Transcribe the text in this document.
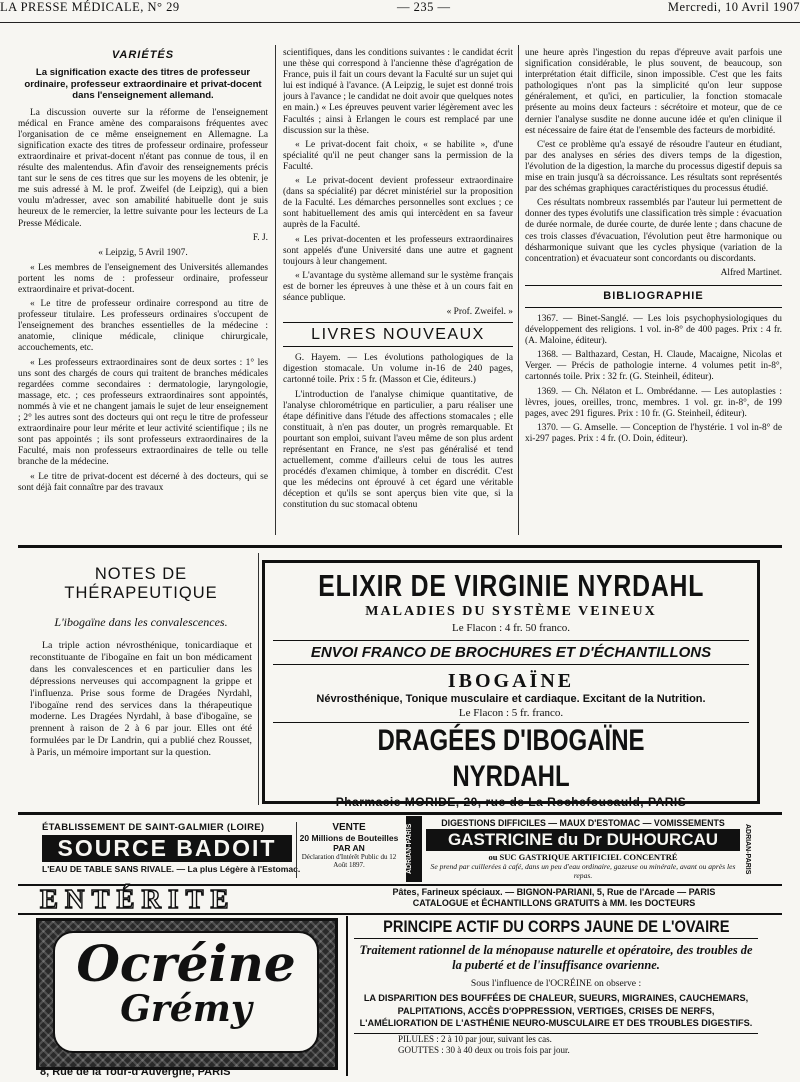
LA PRESSE MÉDICALE, N° 29	— 235 —	Mercredi, 10 Avril 1907
VARIÉTÉS
La signification exacte des titres de professeur ordinaire, professeur extraordinaire et privat-docent dans l'enseignement allemand.

La discussion ouverte sur la réforme de l'enseignement médical en France amène des comparaisons fréquentes avec l'organisation de ce même enseignement en Allemagne. La signification exacte des titres de professeur ordinaire, professeur extraordinaire et privat-docent n'étant pas connue de tous, il en résulte des malentendus. Afin d'avoir des renseignements précis tant sur le sens de ces titres que sur les moyens de les obtenir, je me suis adressé à M. le prof. Zweifel (de Leipzig), qui a bien voulu m'adresser, avec son amabilité habituelle dont je suis heureux de le remercier, la lettre suivante pour les lecteurs de La Presse Médicale.

F. J.
« Leipzig, 5 Avril 1907.

« Les membres de l'enseignement des Universités allemandes portent les noms de : professeur ordinaire, professeur extraordinaire et privat-docent.

« Le titre de professeur ordinaire correspond au titre de professeur titulaire. Les professeurs ordinaires s'occupent de l'enseignement des branches essentielles de la médecine : anatomie, clinique médicale, clinique chirurgicale, accouchements, etc.

« Les professeurs extraordinaires sont de deux sortes : 1° les uns sont des chargés de cours qui traitent de branches médicales regardées comme secondaires : dermatologie, laryngologie, massage, etc. ; ces professeurs extraordinaires sont appointés, nommés à vie et ne changent jamais le sujet de leur enseignement ; 2° les autres sont des docteurs qui ont reçu le titre de professeur extraordinaire pour leur mérite et leur activité scientifique ; ils ne sont pas appointés ; ils sont professeurs extraordinaires de la Faculté, mais non professeurs extraordinaires de telle ou telle branche de la médecine.

« Le titre de privat-docent est décerné à des docteurs, qui se sont déjà fait connaître par des travaux

scientifiques, dans les conditions suivantes : le candidat écrit une thèse qui correspond à l'ancienne thèse d'agrégation de France, puis il fait un cours devant la Faculté sur un sujet qui lui est indiqué à l'avance. (A Leipzig, le sujet est donné trois jours à l'avance ; le candidat ne doit avoir que quelques notes en main.) « Les épreuves peuvent varier légèrement avec les Facultés ; ainsi à Erlangen le cours est remplacé par une discussion sur la thèse.

« Le privat-docent fait choix, « se habilite », d'une spécialité qu'il ne peut changer sans la permission de la Faculté.

« Le privat-docent devient professeur extraordinaire (dans sa spécialité) par décret ministériel sur la proposition de la Faculté. Les démarches personnelles sont exclues ; ce sont habituellement des amis qui intercèdent en sa faveur auprès de la Faculté.

« Les privat-docenten et les professeurs extraordinaires sont appelés d'une Université dans une autre et gagnent toujours à leur changement.

« L'avantage du système allemand sur le système français est de borner les épreuves à une thèse et à un cours fait en séance publique.

« Prof. Zweifel. »
LIVRES NOUVEAUX

G. Hayem. — Les évolutions pathologiques de la digestion stomacale. Un volume in-16 de 240 pages, cartonné toile. Prix : 5 fr. (Masson et Cie, éditeurs.)

L'introduction de l'analyse chimique quantitative, de l'analyse chlorométrique en particulier, a paru réaliser une étape définitive dans l'étude des affections stomacales ; elle constituait, à n'en pas douter, un progrès remarquable. Et pourtant son emploi, suivant l'aveu même de son plus ardent représentant en France, ne s'est pas généralisé et tend actuellement, comme d'ailleurs celui de tous les autres procédés d'examen chimique, à tomber en discrédit. C'est que les médecins ont éprouvé à cet égard une véritable déception et qu'ils se sont aperçus bien vite que, si la constitution du suc stomacal obtenu

une heure après l'ingestion du repas d'épreuve avait parfois une signification considérable, le plus souvent, de beaucoup, son interprétation était difficile, sinon impossible. C'est que les faits pathologiques n'ont pas la simplicité qu'on leur suppose généralement, et qu'ici, en particulier, la fonction stomacale présente au moins deux facteurs : sécrétoire et moteur, que de ce dernier l'analyse susdite ne donne aucune idée et qu'en clinique il est nécessaire de faire état de l'ensemble des facteurs de morbidité.

C'est ce problème qu'a essayé de résoudre l'auteur en étudiant, par des analyses en séries des divers temps de la digestion, l'évolution de la digestion, la marche du processus digestif depuis sa mise en train jusqu'à sa décroissance. Les résultats sont représentés par des schémas graphiques caractéristiques du processus étudié.

Ces résultats nombreux rassemblés par l'auteur lui permettent de donner des types évolutifs une classification très simple : évacuation de durée normale, de durée courte, de durée lente ; dans chacune de ces trois classes d'évacuation, l'évolution peut être harmonique ou désharmonique suivant que les cycles physique (variation de la concentration) et évacuateur sont concordants ou discordants.

Alfred Martinet.
BIBLIOGRAPHIE

1367. — Binet-Sanglé. — Les lois psychophysiologiques du développement des religions. 1 vol. in-8° de 400 pages. Prix : 4 fr. (A. Maloine, éditeur).

1368. — Balthazard, Cestan, H. Claude, Macaigne, Nicolas et Verger. — Précis de pathologie interne. 4 volumes petit in-8°, cartonnés toile. Prix : 32 fr. (G. Steinheil, éditeur).

1369. — Ch. Nélaton et L. Ombrédanne. — Les autoplasties : lèvres, joues, oreilles, tronc, membres. 1 vol. gr. in-8°, de 199 pages, avec 291 figures. Prix : 10 fr. (G. Steinheil, éditeur).

1370. — G. Amselle. — Conception de l'hystérie. 1 vol in-8° de xi-297 pages. Prix : 4 fr. (O. Doin, éditeur).

NOTES DE THÉRAPEUTIQUE
L'ibogaïne dans les convalescences.

La triple action névrosthénique, tonicardiaque et reconstituante de l'ibogaïne en fait un bon médicament dans les convalescences et en particulier dans les dépressions nerveuses qui accompagnent la grippe et l'influenza. Prise sous forme de Dragées Nyrdahl, l'ibogaïne rend des services dans la thérapeutique moderne. Les Dragées Nyrdahl, à base d'ibogaïne, se prennent à raison de 2 à 6 par jour. Elles ont été formulées par le Dr Landrin, qui a publié chez Rousset, à Paris, un mémoire important sur la question.

ELIXIR DE VIRGINIE NYRDAHL
MALADIES DU SYSTÈME VEINEUX
Le Flacon : 4 fr. 50 franco.
ENVOI FRANCO DE BROCHURES ET D'ÉCHANTILLONS
IBOGAÏNE
Névrosthénique, Tonique musculaire et cardiaque. Excitant de la Nutrition.
Le Flacon : 5 fr. franco.
DRAGÉES D'IBOGAÏNE NYRDAHL
Pharmacie MORIDE, 20, rue de La Rochefoucauld, PARIS
ÉTABLISSEMENT DE SAINT-GALMIER (LOIRE)
SOURCE BADOIT
L'EAU DE TABLE SANS RIVALE. — La plus Légère à l'Estomac.
VENTE
20 Millions de Bouteilles
PAR AN
Déclaration d'Intérêt Public du 12 Août 1897.	ADRIAN-PARIS
DIGESTIONS DIFFICILES — MAUX D'ESTOMAC — VOMISSEMENTS
GASTRICINE du Dr DUHOURCAU
ou SUC GASTRIQUE ARTIFICIEL CONCENTRÉ
Se prend par cuillerées à café, dans un peu d'eau ordinaire, gazeuse ou minérale, avant ou après les repas.
ADRIAN-PARIS
ENTÉRITE	Pâtes, Farineux spéciaux. — BIGNON-PARIANI, 5, Rue de l'Arcade — PARIS
CATALOGUE et ÉCHANTILLONS GRATUITS à MM. les DOCTEURS
Ocréine
Grémy
8, Rue de la Tour-d'Auvergne, PARIS
PRINCIPE ACTIF DU CORPS JAUNE DE L'OVAIRE
Traitement rationnel de la ménopause naturelle et opératoire, des troubles de la puberté et de l'insuffisance ovarienne.
Sous l'influence de l'OCRÉINE on observe :
LA DISPARITION DES BOUFFÉES DE CHALEUR, SUEURS, MIGRAINES, CAUCHEMARS,
PALPITATIONS, ACCÈS D'OPPRESSION, VERTIGES, CRISES DE NERFS,
L'AMÉLIORATION DE L'ASTHÉNIE NEURO-MUSCULAIRE ET DES TROUBLES DIGESTIFS.
PILULES : 2 à 10 par jour, suivant les cas.
GOUTTES : 30 à 40 deux ou trois fois par jour.
